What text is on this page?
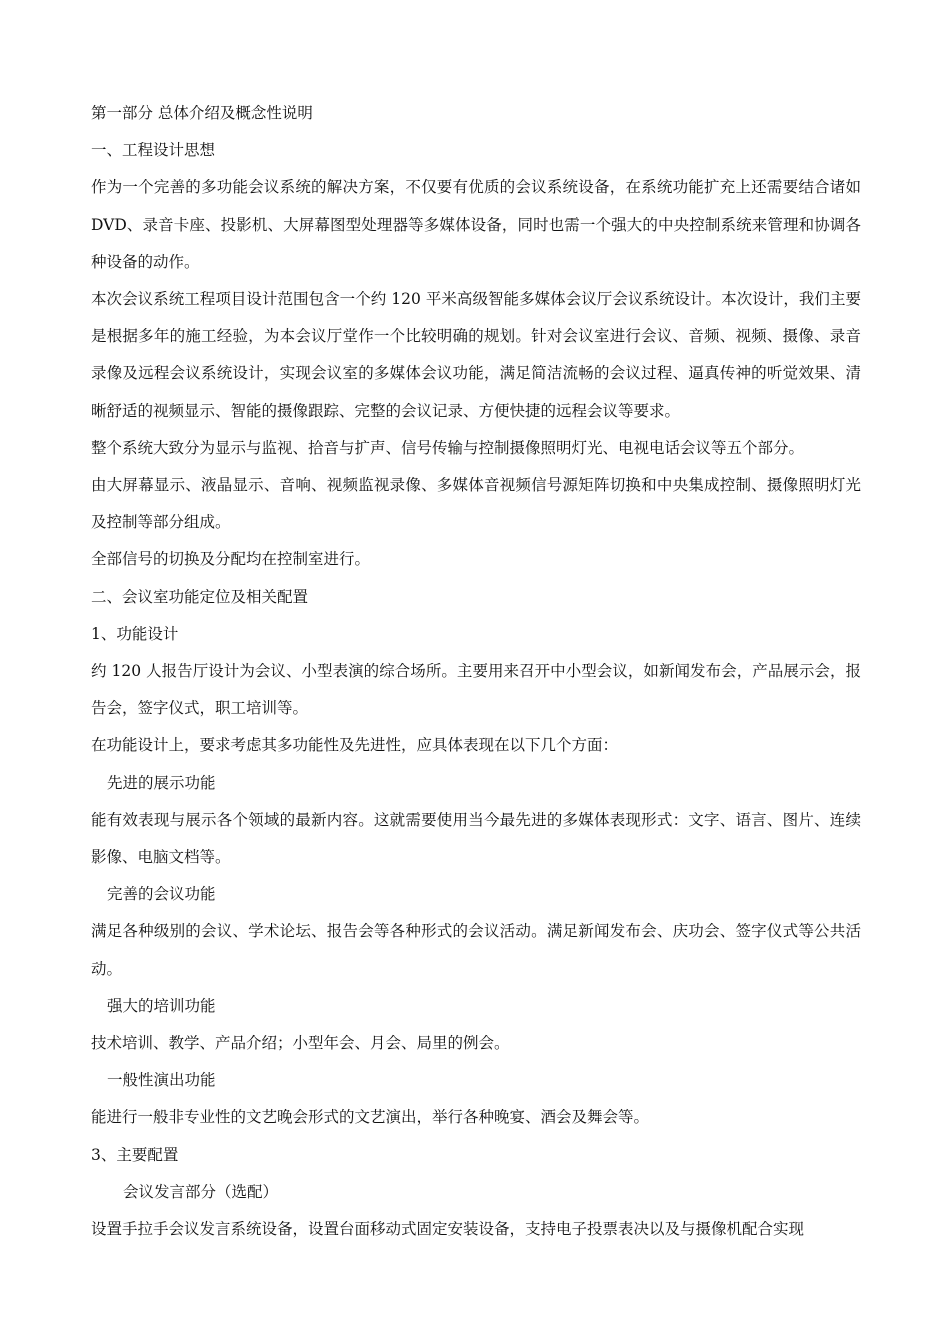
第一部分 总体介绍及概念性说明

一、工程设计思想

作为一个完善的多功能会议系统的解决方案，不仅要有优质的会议系统设备，在系统功能扩充上还需要结合诸如 DVD、录音卡座、投影机、大屏幕图型处理器等多媒体设备，同时也需一个强大的中央控制系统来管理和协调各种设备的动作。

本次会议系统工程项目设计范围包含一个约 120 平米高级智能多媒体会议厅会议系统设计。本次设计，我们主要是根据多年的施工经验，为本会议厅堂作一个比较明确的规划。针对会议室进行会议、音频、视频、摄像、录音录像及远程会议系统设计，实现会议室的多媒体会议功能，满足简洁流畅的会议过程、逼真传神的听觉效果、清晰舒适的视频显示、智能的摄像跟踪、完整的会议记录、方便快捷的远程会议等要求。

整个系统大致分为显示与监视、拾音与扩声、信号传输与控制摄像照明灯光、电视电话会议等五个部分。

由大屏幕显示、液晶显示、音响、视频监视录像、多媒体音视频信号源矩阵切换和中央集成控制、摄像照明灯光及控制等部分组成。

全部信号的切换及分配均在控制室进行。

二、会议室功能定位及相关配置

1、功能设计

约 120 人报告厅设计为会议、小型表演的综合场所。主要用来召开中小型会议，如新闻发布会，产品展示会，报告会，签字仪式，职工培训等。

在功能设计上，要求考虑其多功能性及先进性，应具体表现在以下几个方面：

先进的展示功能

能有效表现与展示各个领域的最新内容。这就需要使用当今最先进的多媒体表现形式：文字、语言、图片、连续影像、电脑文档等。

完善的会议功能

满足各种级别的会议、学术论坛、报告会等各种形式的会议活动。满足新闻发布会、庆功会、签字仪式等公共活动。

强大的培训功能

技术培训、教学、产品介绍；小型年会、月会、局里的例会。

一般性演出功能

能进行一般非专业性的文艺晚会形式的文艺演出，举行各种晚宴、酒会及舞会等。

3、主要配置

会议发言部分（选配）

设置手拉手会议发言系统设备，设置台面移动式固定安装设备，支持电子投票表决以及与摄像机配合实现
